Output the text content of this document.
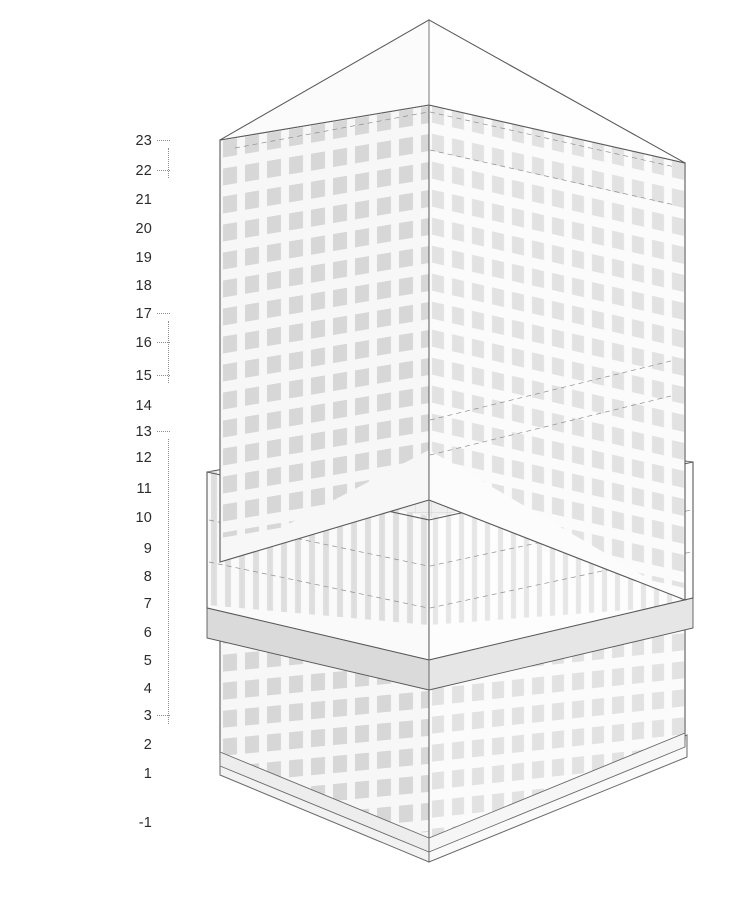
23
22
21
20
19
18
17
16
15
14
13
12
11
10
9
8
7
6
5
4
3
2
1
-1
